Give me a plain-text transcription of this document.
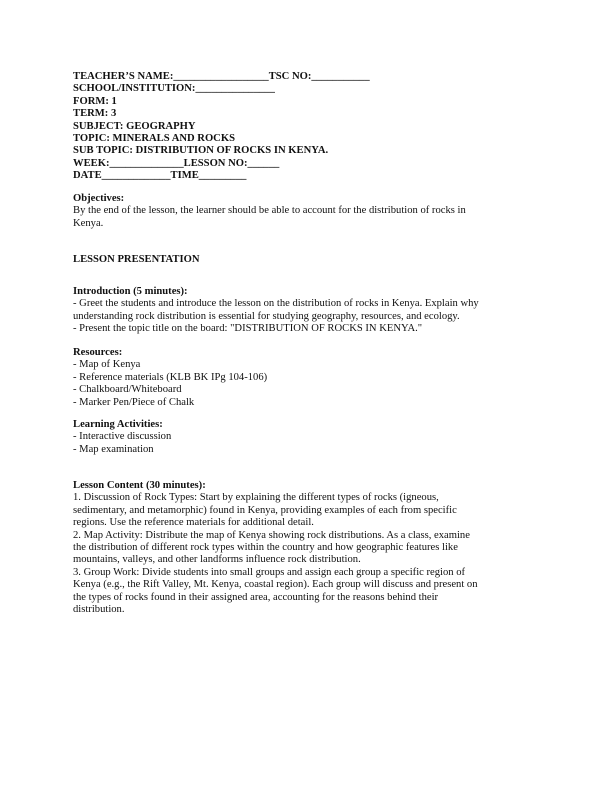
TEACHER’S NAME:__________________TSC NO:___________
SCHOOL/INSTITUTION:_______________
FORM: 1
TERM: 3
SUBJECT: GEOGRAPHY
TOPIC: MINERALS AND ROCKS
SUB TOPIC: DISTRIBUTION OF ROCKS IN KENYA.
WEEK:______________LESSON NO:______
DATE_____________TIME_________
Objectives:
By the end of the lesson, the learner should be able to account for the distribution of rocks in
Kenya.
LESSON PRESENTATION
Introduction (5 minutes):
- Greet the students and introduce the lesson on the distribution of rocks in Kenya. Explain why
understanding rock distribution is essential for studying geography, resources, and ecology.
- Present the topic title on the board: "DISTRIBUTION OF ROCKS IN KENYA."
Resources:
- Map of Kenya
- Reference materials (KLB BK IPg 104-106)
- Chalkboard/Whiteboard
- Marker Pen/Piece of Chalk
Learning Activities:
- Interactive discussion
- Map examination
Lesson Content (30 minutes):
1. Discussion of Rock Types: Start by explaining the different types of rocks (igneous,
sedimentary, and metamorphic) found in Kenya, providing examples of each from specific
regions. Use the reference materials for additional detail.
2. Map Activity: Distribute the map of Kenya showing rock distributions. As a class, examine
the distribution of different rock types within the country and how geographic features like
mountains, valleys, and other landforms influence rock distribution.
3. Group Work: Divide students into small groups and assign each group a specific region of
Kenya (e.g., the Rift Valley, Mt. Kenya, coastal region). Each group will discuss and present on
the types of rocks found in their assigned area, accounting for the reasons behind their
distribution.
